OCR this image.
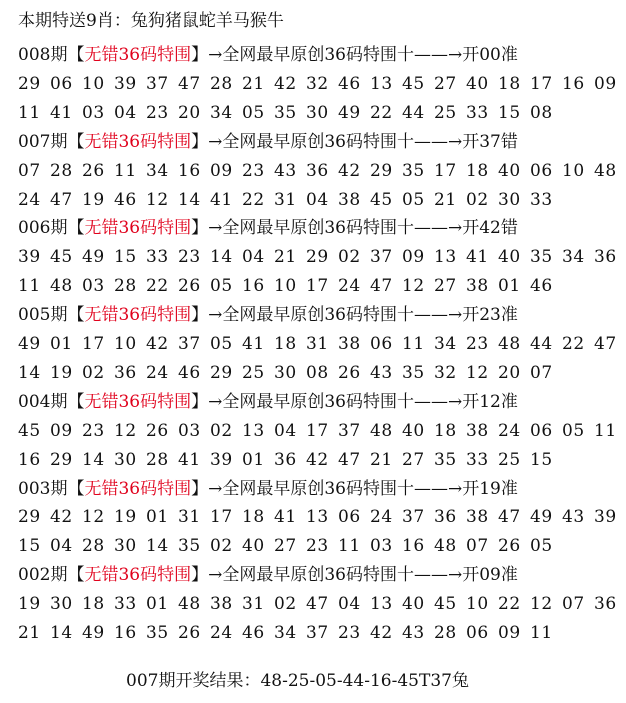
本期特送9肖：兔狗猪鼠蛇羊马猴牛
008期【无错36码特围】→全网最早原创36码特围十——→开00准
29 06 10 39 37 47 28 21 42 32 46 13 45 27 40 18 17 16 09
11 41 03 04 23 20 34 05 35 30 49 22 44 25 33 15 08
007期【无错36码特围】→全网最早原创36码特围十——→开37错
07 28 26 11 34 16 09 23 43 36 42 29 35 17 18 40 06 10 48
24 47 19 46 12 14 41 22 31 04 38 45 05 21 02 30 33
006期【无错36码特围】→全网最早原创36码特围十——→开42错
39 45 49 15 33 23 14 04 21 29 02 37 09 13 41 40 35 34 36
11 48 03 28 22 26 05 16 10 17 24 47 12 27 38 01 46
005期【无错36码特围】→全网最早原创36码特围十——→开23准
49 01 17 10 42 37 05 41 18 31 38 06 11 34 23 48 44 22 47
14 19 02 36 24 46 29 25 30 08 26 43 35 32 12 20 07
004期【无错36码特围】→全网最早原创36码特围十——→开12准
45 09 23 12 26 03 02 13 04 17 37 48 40 18 38 24 06 05 11
16 29 14 30 28 41 39 01 36 42 47 21 27 35 33 25 15
003期【无错36码特围】→全网最早原创36码特围十——→开19准
29 42 12 19 01 31 17 18 41 13 06 24 37 36 38 47 49 43 39
15 04 28 30 14 35 02 40 27 23 11 03 16 48 07 26 05
002期【无错36码特围】→全网最早原创36码特围十——→开09准
19 30 18 33 01 48 38 31 02 47 04 13 40 45 10 22 12 07 36
21 14 49 16 35 26 24 46 34 37 23 42 43 28 06 09 11
007期开奖结果：48-25-05-44-16-45T37兔
